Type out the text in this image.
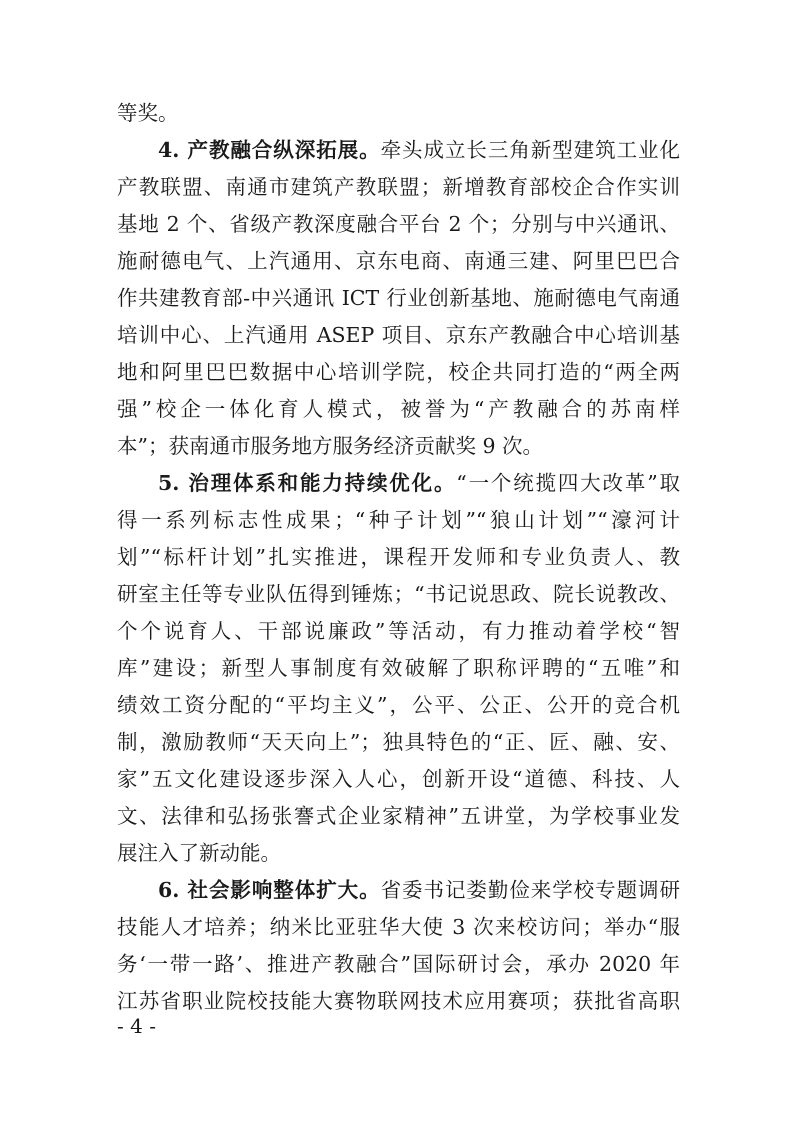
等奖。
4. 产教融合纵深拓展。牵头成立长三角新型建筑工业化
产教联盟、南通市建筑产教联盟；新增教育部校企合作实训
基地 2 个、省级产教深度融合平台 2 个；分别与中兴通讯、
施耐德电气、上汽通用、京东电商、南通三建、阿里巴巴合
作共建教育部-中兴通讯 ICT 行业创新基地、施耐德电气南通
培训中心、上汽通用 ASEP 项目、京东产教融合中心培训基
地和阿里巴巴数据中心培训学院，校企共同打造的“两全两
强”校企一体化育人模式，被誉为“产教融合的苏南样
本”；获南通市服务地方服务经济贡献奖 9 次。
5. 治理体系和能力持续优化。“一个统揽四大改革”取
得一系列标志性成果；“种子计划”“狼山计划”“濠河计
划”“标杆计划”扎实推进，课程开发师和专业负责人、教
研室主任等专业队伍得到锤炼；“书记说思政、院长说教改、
个个说育人、干部说廉政”等活动，有力推动着学校“智
库”建设；新型人事制度有效破解了职称评聘的“五唯”和
绩效工资分配的“平均主义”，公平、公正、公开的竞合机
制，激励教师“天天向上”；独具特色的“正、匠、融、安、
家”五文化建设逐步深入人心，创新开设“道德、科技、人
文、法律和弘扬张謇式企业家精神”五讲堂，为学校事业发
展注入了新动能。
6. 社会影响整体扩大。省委书记娄勤俭来学校专题调研
技能人才培养；纳米比亚驻华大使 3 次来校访问；举办“服
务‘一带一路’、推进产教融合”国际研讨会，承办 2020 年
江苏省职业院校技能大赛物联网技术应用赛项；获批省高职
- 4 -
